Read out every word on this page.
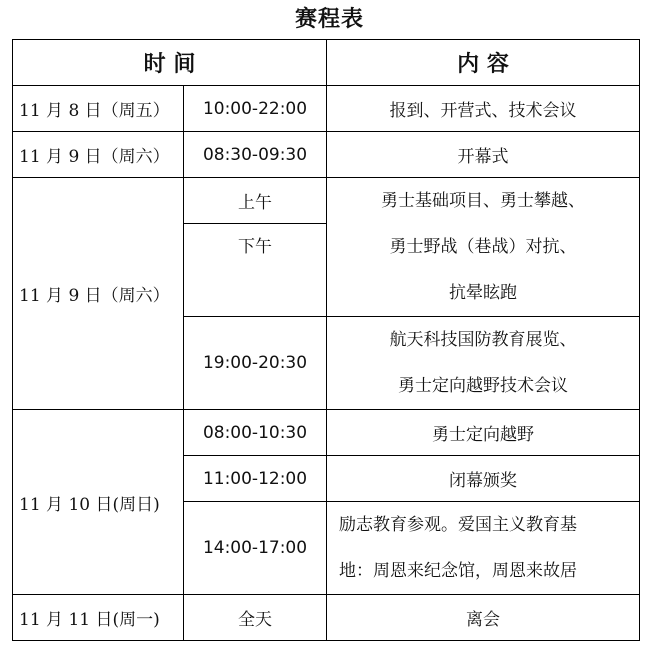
赛程表
时 间		内 容
11 月 8 日（周五）	10:00-22:00	报到、开营式、技术会议
11 月 9 日（周六）	08:30-09:30	开幕式
11 月 9 日（周六）	上午	勇士基础项目、勇士攀越、
勇士野战（巷战）对抗、
抗晕眩跑

	下午	

	19:00-20:30	航天科技国防教育展览、
勇士定向越野技术会议

11 月 10 日(周日)	08:00-10:30	勇士定向越野
	11:00-12:00	闭幕颁奖
	14:00-17:00	励志教育参观。爱国主义教育基
地：周恩来纪念馆，周恩来故居

11 月 11 日(周一)	全天	离会
